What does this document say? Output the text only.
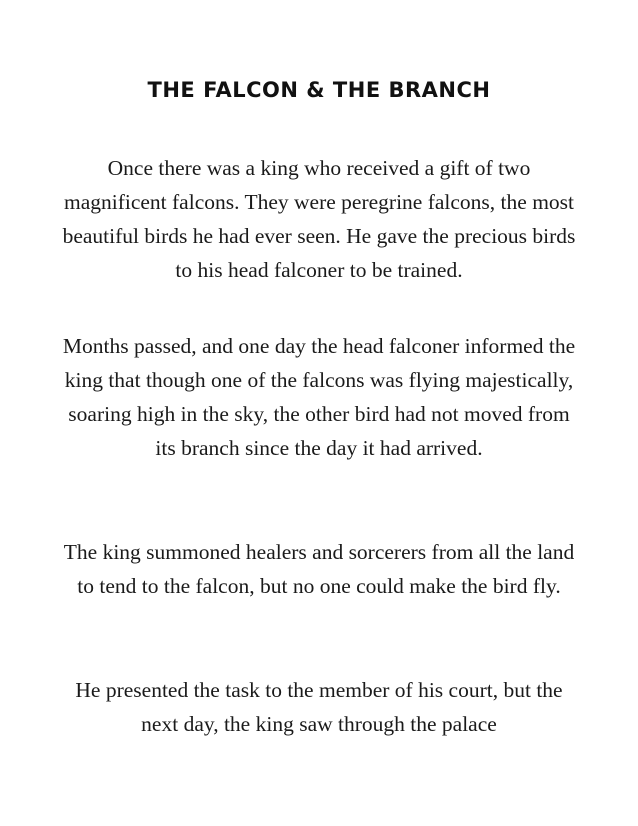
THE FALCON & THE BRANCH

Once there was a king who received a gift of two magnificent falcons. They were peregrine falcons, the most beautiful birds he had ever seen. He gave the precious birds to his head falconer to be trained.

Months passed, and one day the head falconer informed the king that though one of the falcons was flying majestically, soaring high in the sky, the other bird had not moved from its branch since the day it had arrived.

The king summoned healers and sorcerers from all the land to tend to the falcon, but no one could make the bird fly.

He presented the task to the member of his court, but the next day, the king saw through the palace
